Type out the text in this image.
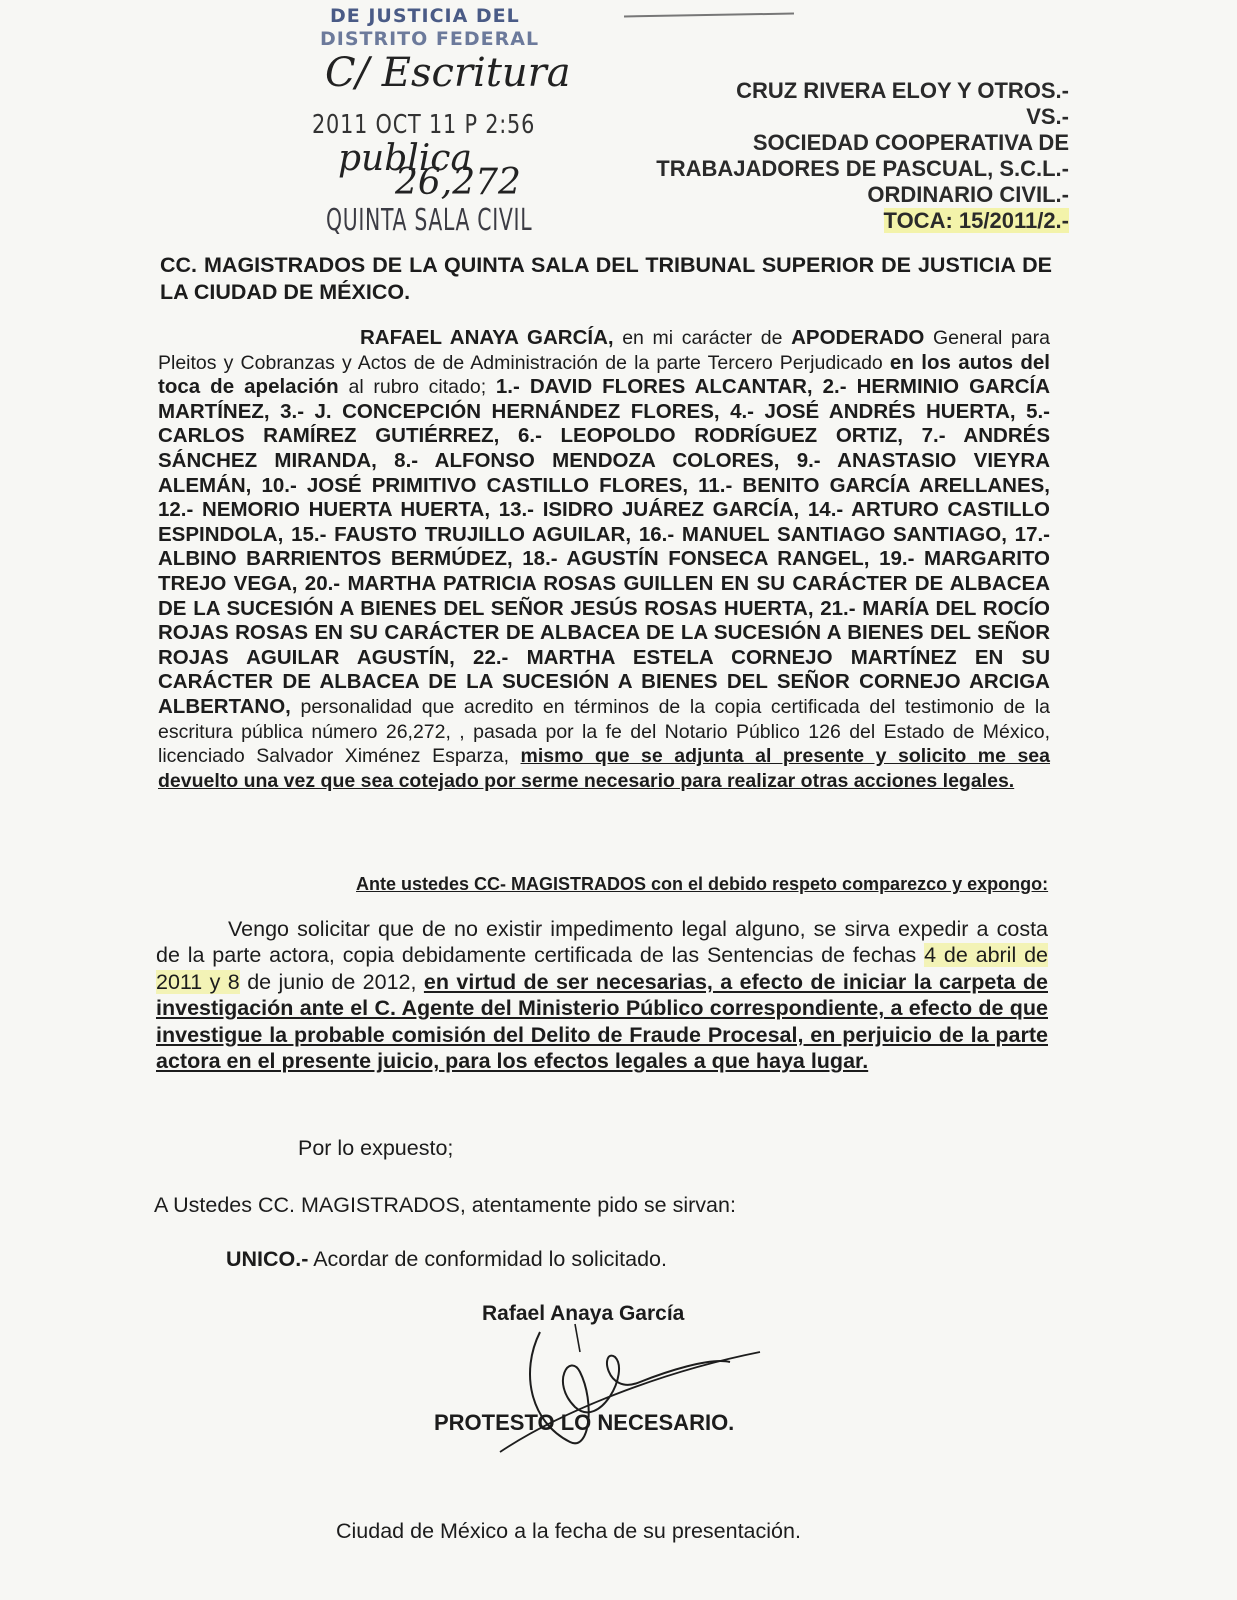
DE JUSTICIA DEL
DISTRITO FEDERAL
C/ Escritura
2011 OCT 11 P 2:56
publica
26,272
QUINTA SALA CIVIL
CRUZ RIVERA ELOY Y OTROS.-
VS.-
SOCIEDAD COOPERATIVA DE
TRABAJADORES DE PASCUAL, S.C.L.-
ORDINARIO CIVIL.-
TOCA: 15/2011/2.-
CC. MAGISTRADOS DE LA QUINTA SALA DEL TRIBUNAL SUPERIOR DE JUSTICIA DE LA CIUDAD DE MÉXICO.
RAFAEL ANAYA GARCÍA, en mi carácter de APODERADO General para Pleitos y Cobranzas y Actos de de Administración de la parte Tercero Perjudicado en los autos del toca de apelación al rubro citado; 1.- DAVID FLORES ALCANTAR, 2.- HERMINIO GARCÍA MARTÍNEZ, 3.- J. CONCEPCIÓN HERNÁNDEZ FLORES, 4.- JOSÉ ANDRÉS HUERTA, 5.- CARLOS RAMÍREZ GUTIÉRREZ, 6.- LEOPOLDO RODRÍGUEZ ORTIZ, 7.- ANDRÉS SÁNCHEZ MIRANDA, 8.- ALFONSO MENDOZA COLORES, 9.- ANASTASIO VIEYRA ALEMÁN, 10.- JOSÉ PRIMITIVO CASTILLO FLORES, 11.- BENITO GARCÍA ARELLANES, 12.- NEMORIO HUERTA HUERTA, 13.- ISIDRO JUÁREZ GARCÍA, 14.- ARTURO CASTILLO ESPINDOLA, 15.- FAUSTO TRUJILLO AGUILAR, 16.- MANUEL SANTIAGO SANTIAGO, 17.- ALBINO BARRIENTOS BERMÚDEZ, 18.- AGUSTÍN FONSECA RANGEL, 19.- MARGARITO TREJO VEGA, 20.- MARTHA PATRICIA ROSAS GUILLEN EN SU CARÁCTER DE ALBACEA DE LA SUCESIÓN A BIENES DEL SEÑOR JESÚS ROSAS HUERTA, 21.- MARÍA DEL ROCÍO ROJAS ROSAS EN SU CARÁCTER DE ALBACEA DE LA SUCESIÓN A BIENES DEL SEÑOR ROJAS AGUILAR AGUSTÍN, 22.- MARTHA ESTELA CORNEJO MARTÍNEZ EN SU CARÁCTER DE ALBACEA DE LA SUCESIÓN A BIENES DEL SEÑOR CORNEJO ARCIGA ALBERTANO, personalidad que acredito en términos de la copia certificada del testimonio de la escritura pública número 26,272, , pasada por la fe del Notario Público 126 del Estado de México, licenciado Salvador Ximénez Esparza, mismo que se adjunta al presente y solicito me sea devuelto una vez que sea cotejado por serme necesario para realizar otras acciones legales.
Ante ustedes CC- MAGISTRADOS con el debido respeto comparezco y expongo:
Vengo solicitar que de no existir impedimento legal alguno, se sirva expedir a costa de la parte actora, copia debidamente certificada de las Sentencias de fechas 4 de abril de 2011 y 8 de junio de 2012, en virtud de ser necesarias, a efecto de iniciar la carpeta de investigación ante el C. Agente del Ministerio Público correspondiente, a efecto de que investigue la probable comisión del Delito de Fraude Procesal, en perjuicio de la parte actora en el presente juicio, para los efectos legales a que haya lugar.
Por lo expuesto;
A Ustedes CC. MAGISTRADOS, atentamente pido se sirvan:
UNICO.- Acordar de conformidad lo solicitado.
Rafael Anaya García
PROTESTO LO NECESARIO.
Ciudad de México a la fecha de su presentación.
